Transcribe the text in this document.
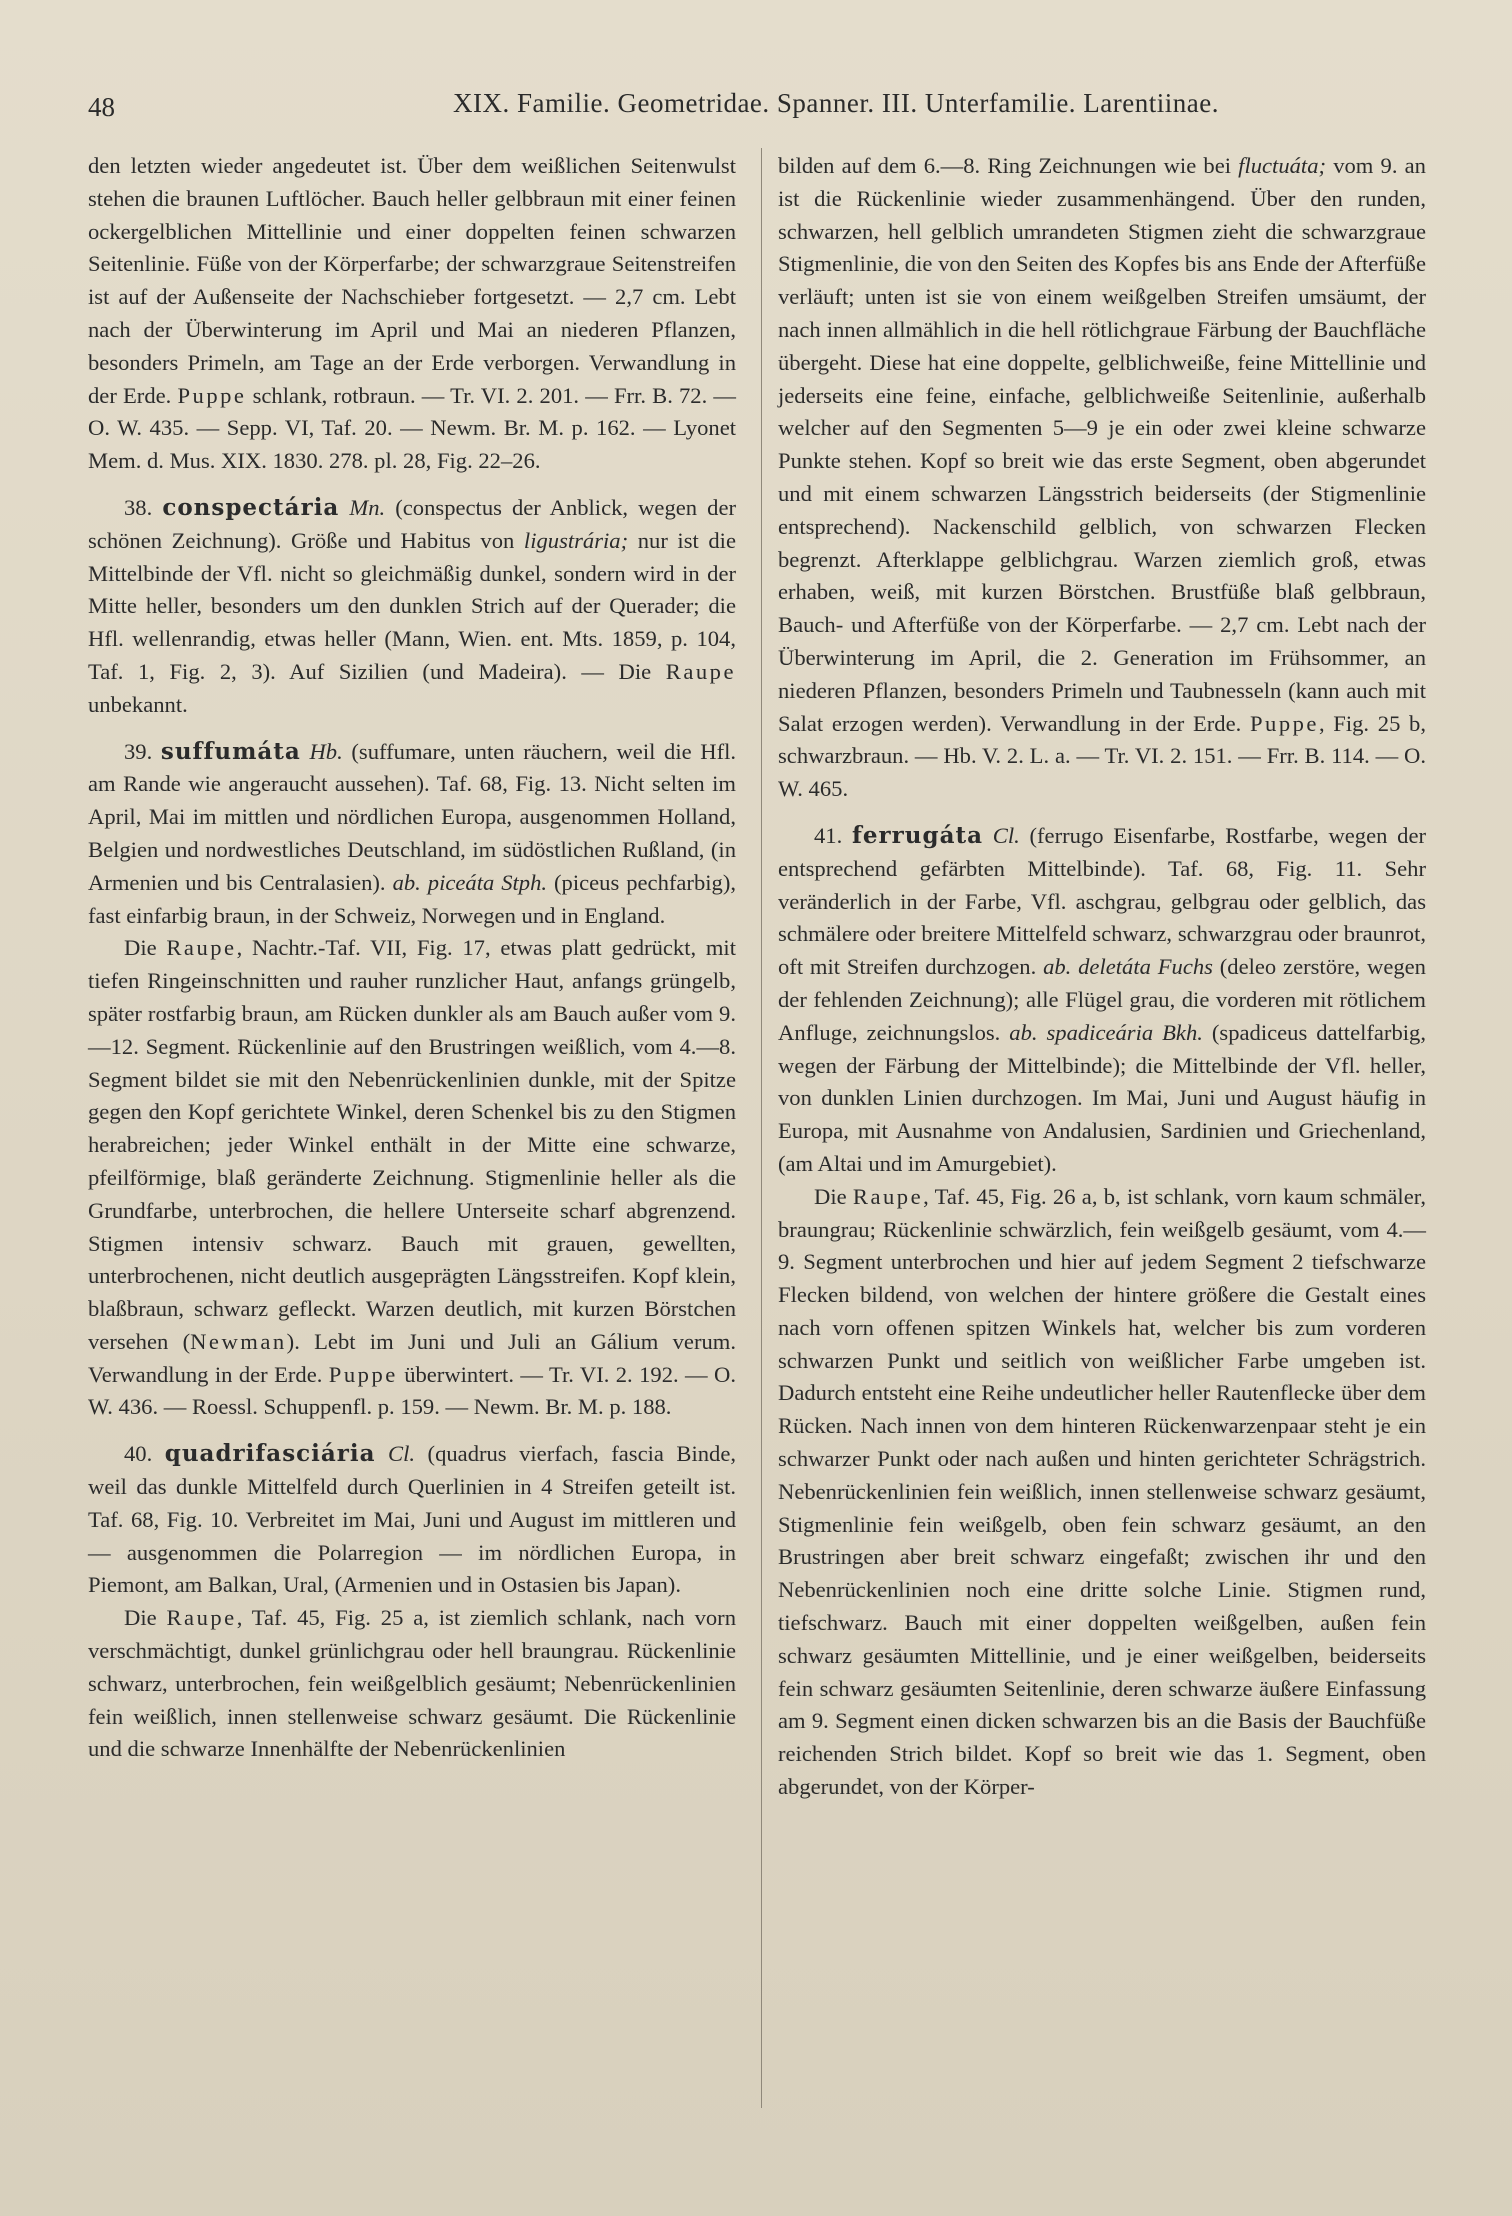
48	XIX. Familie. Geometridae. Spanner. III. Unterfamilie. Larentiinae.

den letzten wieder angedeutet ist. Über dem weißlichen Seitenwulst stehen die braunen Luftlöcher. Bauch heller gelbbraun mit einer feinen ockergelblichen Mittellinie und einer doppelten feinen schwarzen Seitenlinie. Füße von der Körperfarbe; der schwarzgraue Seitenstreifen ist auf der Außenseite der Nachschieber fortgesetzt. — 2,7 cm. Lebt nach der Überwinterung im April und Mai an niederen Pflanzen, besonders Primeln, am Tage an der Erde verborgen. Verwandlung in der Erde. Puppe schlank, rotbraun. — Tr. VI. 2. 201. — Frr. B. 72. — O. W. 435. — Sepp. VI, Taf. 20. — Newm. Br. M. p. 162. — Lyonet Mem. d. Mus. XIX. 1830. 278. pl. 28, Fig. 22–26.

38. conspectária Mn. (conspectus der Anblick, wegen der schönen Zeichnung). Größe und Habitus von ligustrária; nur ist die Mittelbinde der Vfl. nicht so gleichmäßig dunkel, sondern wird in der Mitte heller, besonders um den dunklen Strich auf der Querader; die Hfl. wellenrandig, etwas heller (Mann, Wien. ent. Mts. 1859, p. 104, Taf. 1, Fig. 2, 3). Auf Sizilien (und Madeira). — Die Raupe unbekannt.

39. suffumáta Hb. (suffumare, unten räuchern, weil die Hfl. am Rande wie angeraucht aussehen). Taf. 68, Fig. 13. Nicht selten im April, Mai im mittlen und nördlichen Europa, ausgenommen Holland, Belgien und nordwestliches Deutschland, im südöstlichen Rußland, (in Armenien und bis Centralasien). ab. piceáta Stph. (piceus pechfarbig), fast einfarbig braun, in der Schweiz, Norwegen und in England.

Die Raupe, Nachtr.-Taf. VII, Fig. 17, etwas platt gedrückt, mit tiefen Ringeinschnitten und rauher runzlicher Haut, anfangs grüngelb, später rostfarbig braun, am Rücken dunkler als am Bauch außer vom 9.—12. Segment. Rückenlinie auf den Brustringen weißlich, vom 4.—8. Segment bildet sie mit den Nebenrückenlinien dunkle, mit der Spitze gegen den Kopf gerichtete Winkel, deren Schenkel bis zu den Stigmen herabreichen; jeder Winkel enthält in der Mitte eine schwarze, pfeilförmige, blaß geränderte Zeichnung. Stigmenlinie heller als die Grundfarbe, unterbrochen, die hellere Unterseite scharf abgrenzend. Stigmen intensiv schwarz. Bauch mit grauen, gewellten, unterbrochenen, nicht deutlich ausgeprägten Längsstreifen. Kopf klein, blaßbraun, schwarz gefleckt. Warzen deutlich, mit kurzen Börstchen versehen (Newman). Lebt im Juni und Juli an Gálium verum. Verwandlung in der Erde. Puppe überwintert. — Tr. VI. 2. 192. — O. W. 436. — Roessl. Schuppenfl. p. 159. — Newm. Br. M. p. 188.

40. quadrifasciária Cl. (quadrus vierfach, fascia Binde, weil das dunkle Mittelfeld durch Querlinien in 4 Streifen geteilt ist. Taf. 68, Fig. 10. Verbreitet im Mai, Juni und August im mittleren und — ausgenommen die Polarregion — im nördlichen Europa, in Piemont, am Balkan, Ural, (Armenien und in Ostasien bis Japan).

Die Raupe, Taf. 45, Fig. 25 a, ist ziemlich schlank, nach vorn verschmächtigt, dunkel grünlichgrau oder hell braungrau. Rückenlinie schwarz, unterbrochen, fein weißgelblich gesäumt; Nebenrückenlinien fein weißlich, innen stellenweise schwarz gesäumt. Die Rückenlinie und die schwarze Innenhälfte der Nebenrückenlinien

bilden auf dem 6.—8. Ring Zeichnungen wie bei fluctuáta; vom 9. an ist die Rückenlinie wieder zusammenhängend. Über den runden, schwarzen, hell gelblich umrandeten Stigmen zieht die schwarzgraue Stigmenlinie, die von den Seiten des Kopfes bis ans Ende der Afterfüße verläuft; unten ist sie von einem weißgelben Streifen umsäumt, der nach innen allmählich in die hell rötlichgraue Färbung der Bauchfläche übergeht. Diese hat eine doppelte, gelblichweiße, feine Mittellinie und jederseits eine feine, einfache, gelblichweiße Seitenlinie, außerhalb welcher auf den Segmenten 5—9 je ein oder zwei kleine schwarze Punkte stehen. Kopf so breit wie das erste Segment, oben abgerundet und mit einem schwarzen Längsstrich beiderseits (der Stigmenlinie entsprechend). Nackenschild gelblich, von schwarzen Flecken begrenzt. Afterklappe gelblichgrau. Warzen ziemlich groß, etwas erhaben, weiß, mit kurzen Börstchen. Brustfüße blaß gelbbraun, Bauch- und Afterfüße von der Körperfarbe. — 2,7 cm. Lebt nach der Überwinterung im April, die 2. Generation im Frühsommer, an niederen Pflanzen, besonders Primeln und Taubnesseln (kann auch mit Salat erzogen werden). Verwandlung in der Erde. Puppe, Fig. 25 b, schwarzbraun. — Hb. V. 2. L. a. — Tr. VI. 2. 151. — Frr. B. 114. — O. W. 465.

41. ferrugáta Cl. (ferrugo Eisenfarbe, Rostfarbe, wegen der entsprechend gefärbten Mittelbinde). Taf. 68, Fig. 11. Sehr veränderlich in der Farbe, Vfl. aschgrau, gelbgrau oder gelblich, das schmälere oder breitere Mittelfeld schwarz, schwarzgrau oder braunrot, oft mit Streifen durchzogen. ab. deletáta Fuchs (deleo zerstöre, wegen der fehlenden Zeichnung); alle Flügel grau, die vorderen mit rötlichem Anfluge, zeichnungslos. ab. spadiceária Bkh. (spadiceus dattelfarbig, wegen der Färbung der Mittelbinde); die Mittelbinde der Vfl. heller, von dunklen Linien durchzogen. Im Mai, Juni und August häufig in Europa, mit Ausnahme von Andalusien, Sardinien und Griechenland, (am Altai und im Amurgebiet).

Die Raupe, Taf. 45, Fig. 26 a, b, ist schlank, vorn kaum schmäler, braungrau; Rückenlinie schwärzlich, fein weißgelb gesäumt, vom 4.—9. Segment unterbrochen und hier auf jedem Segment 2 tiefschwarze Flecken bildend, von welchen der hintere größere die Gestalt eines nach vorn offenen spitzen Winkels hat, welcher bis zum vorderen schwarzen Punkt und seitlich von weißlicher Farbe umgeben ist. Dadurch entsteht eine Reihe undeutlicher heller Rautenflecke über dem Rücken. Nach innen von dem hinteren Rückenwarzenpaar steht je ein schwarzer Punkt oder nach außen und hinten gerichteter Schrägstrich. Nebenrückenlinien fein weißlich, innen stellenweise schwarz gesäumt, Stigmenlinie fein weißgelb, oben fein schwarz gesäumt, an den Brustringen aber breit schwarz eingefaßt; zwischen ihr und den Nebenrückenlinien noch eine dritte solche Linie. Stigmen rund, tiefschwarz. Bauch mit einer doppelten weißgelben, außen fein schwarz gesäumten Mittellinie, und je einer weißgelben, beiderseits fein schwarz gesäumten Seitenlinie, deren schwarze äußere Einfassung am 9. Segment einen dicken schwarzen bis an die Basis der Bauchfüße reichenden Strich bildet. Kopf so breit wie das 1. Segment, oben abgerundet, von der Körper-
